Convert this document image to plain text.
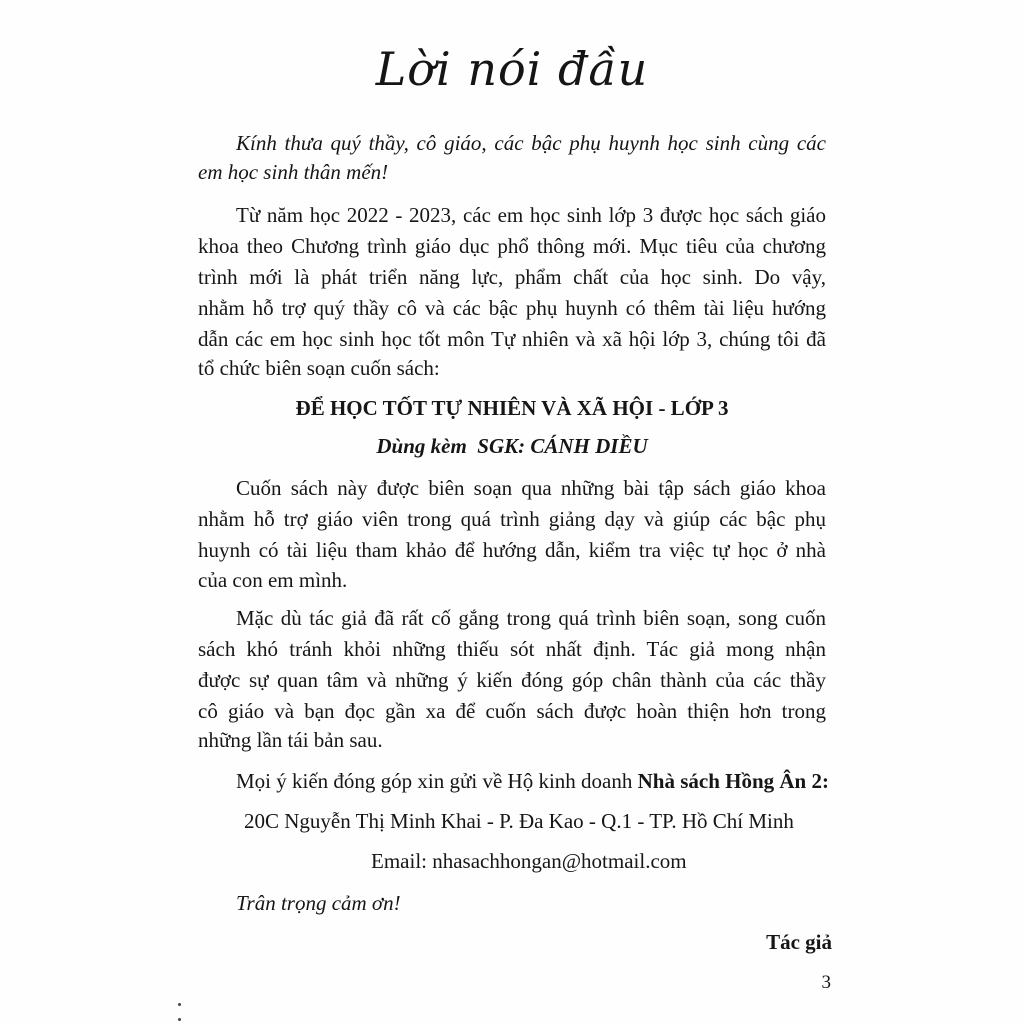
Lời nói đầu
Kính thưa quý thầy, cô giáo, các bậc phụ huynh học sinh cùng các
em học sinh thân mến!
Từ năm học 2022 - 2023, các em học sinh lớp 3 được học sách giáo
khoa theo Chương trình giáo dục phổ thông mới. Mục tiêu của chương
trình mới là phát triển năng lực, phẩm chất của học sinh. Do vậy,
nhằm hỗ trợ quý thầy cô và các bậc phụ huynh có thêm tài liệu hướng
dẫn các em học sinh học tốt môn Tự nhiên và xã hội lớp 3, chúng tôi đã
tổ chức biên soạn cuốn sách:
ĐỂ HỌC TỐT TỰ NHIÊN VÀ XÃ HỘI - LỚP 3
Dùng kèm  SGK: CÁNH DIỀU
Cuốn sách này được biên soạn qua những bài tập sách giáo khoa
nhằm hỗ trợ giáo viên trong quá trình giảng dạy và giúp các bậc phụ
huynh có tài liệu tham khảo để hướng dẫn, kiểm tra việc tự học ở nhà
của con em mình.
Mặc dù tác giả đã rất cố gắng trong quá trình biên soạn, song cuốn
sách khó tránh khỏi những thiếu sót nhất định. Tác giả mong nhận
được sự quan tâm và những ý kiến đóng góp chân thành của các thầy
cô giáo và bạn đọc gần xa để cuốn sách được hoàn thiện hơn trong
những lần tái bản sau.
Mọi ý kiến đóng góp xin gửi về Hộ kinh doanh Nhà sách Hồng Ân 2:
20C Nguyễn Thị Minh Khai - P. Đa Kao - Q.1 - TP. Hồ Chí Minh
Email: nhasachhongan@hotmail.com
Trân trọng cảm ơn!
Tác giả
3
